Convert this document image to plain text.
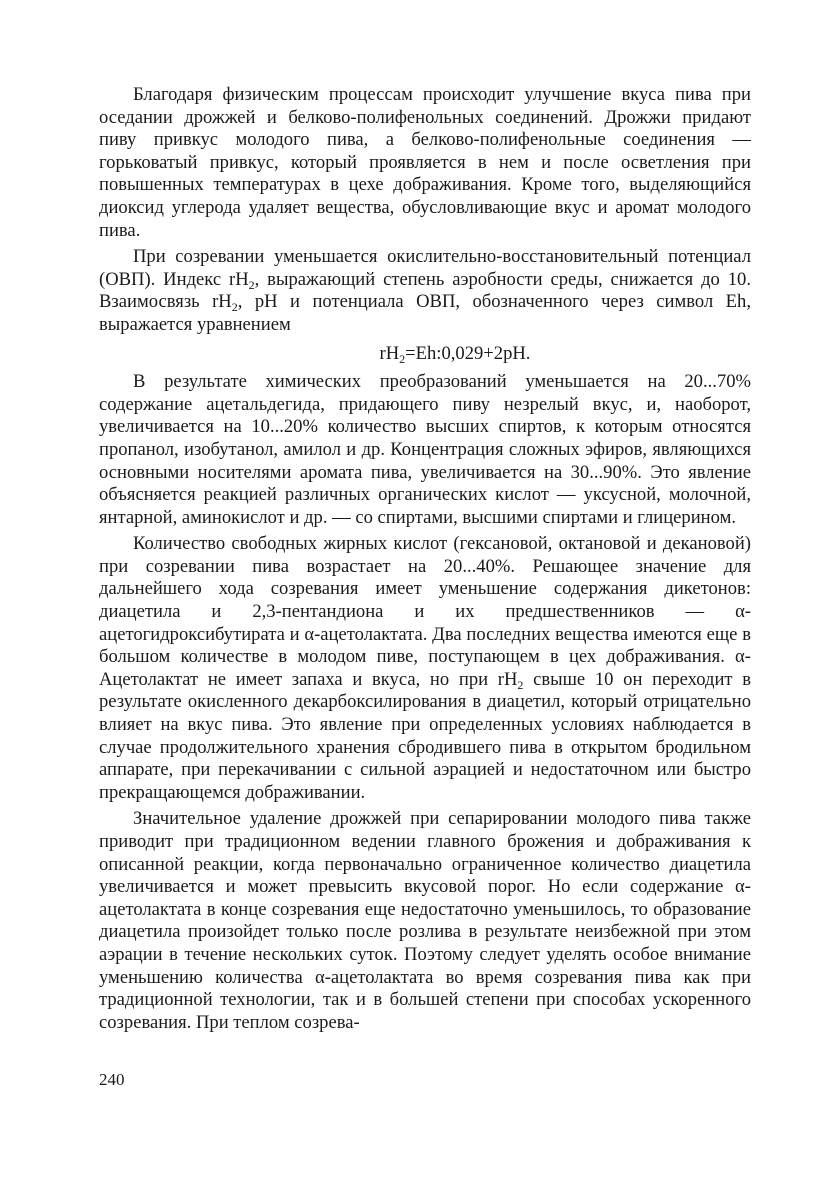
Благодаря физическим процессам происходит улучшение вкуса пива при оседании дрожжей и белково-полифенольных соединений. Дрожжи придают пиву привкус молодого пива, а белково-полифенольные соединения — горьковатый привкус, который проявляется в нем и после осветления при повышенных температурах в цехе дображивания. Кроме того, выделяющийся диоксид углерода удаляет вещества, обусловливающие вкус и аромат молодого пива.

При созревании уменьшается окислительно-восстановительный потенциал (ОВП). Индекс $rH_2$, выражающий степень аэробности среды, снижается до 10. Взаимосвязь $rH_2$, pH и потенциала ОВП, обозначенного через символ Eh, выражается уравнением

$rH_2=Eh:0,029+2pH$.

В результате химических преобразований уменьшается на 20...70% содержание ацетальдегида, придающего пиву незрелый вкус, и, наоборот, увеличивается на 10...20% количество высших спиртов, к которым относятся пропанол, изобутанол, амилол и др. Концентрация сложных эфиров, являющихся основными носителями аромата пива, увеличивается на 30...90%. Это явление объясняется реакцией различных органических кислот — уксусной, молочной, янтарной, аминокислот и др. — со спиртами, высшими спиртами и глицерином.

Количество свободных жирных кислот (гексановой, октановой и декановой) при созревании пива возрастает на 20...40%. Решающее значение для дальнейшего хода созревания имеет уменьшение содержания дикетонов: диацетила и 2,3-пентандиона и их предшественников — α-ацетогидроксибутирата и α-ацетолактата. Два последних вещества имеются еще в большом количестве в молодом пиве, поступающем в цех дображивания. α-Ацетолактат не имеет запаха и вкуса, но при $rH_2$ свыше 10 он переходит в результате окисленного декарбоксилирования в диацетил, который отрицательно влияет на вкус пива. Это явление при определенных условиях наблюдается в случае продолжительного хранения сбродившего пива в открытом бродильном аппарате, при перекачивании с сильной аэрацией и недостаточном или быстро прекращающемся дображивании.

Значительное удаление дрожжей при сепарировании молодого пива также приводит при традиционном ведении главного брожения и дображивания к описанной реакции, когда первоначально ограниченное количество диацетила увеличивается и может превысить вкусовой порог. Но если содержание α-ацетолактата в конце созревания еще недостаточно уменьшилось, то образование диацетила произойдет только после розлива в результате неизбежной при этом аэрации в течение нескольких суток. Поэтому следует уделять особое внимание уменьшению количества α-ацетолактата во время созревания пива как при традиционной технологии, так и в большей степени при способах ускоренного созревания. При теплом созрева-

240
